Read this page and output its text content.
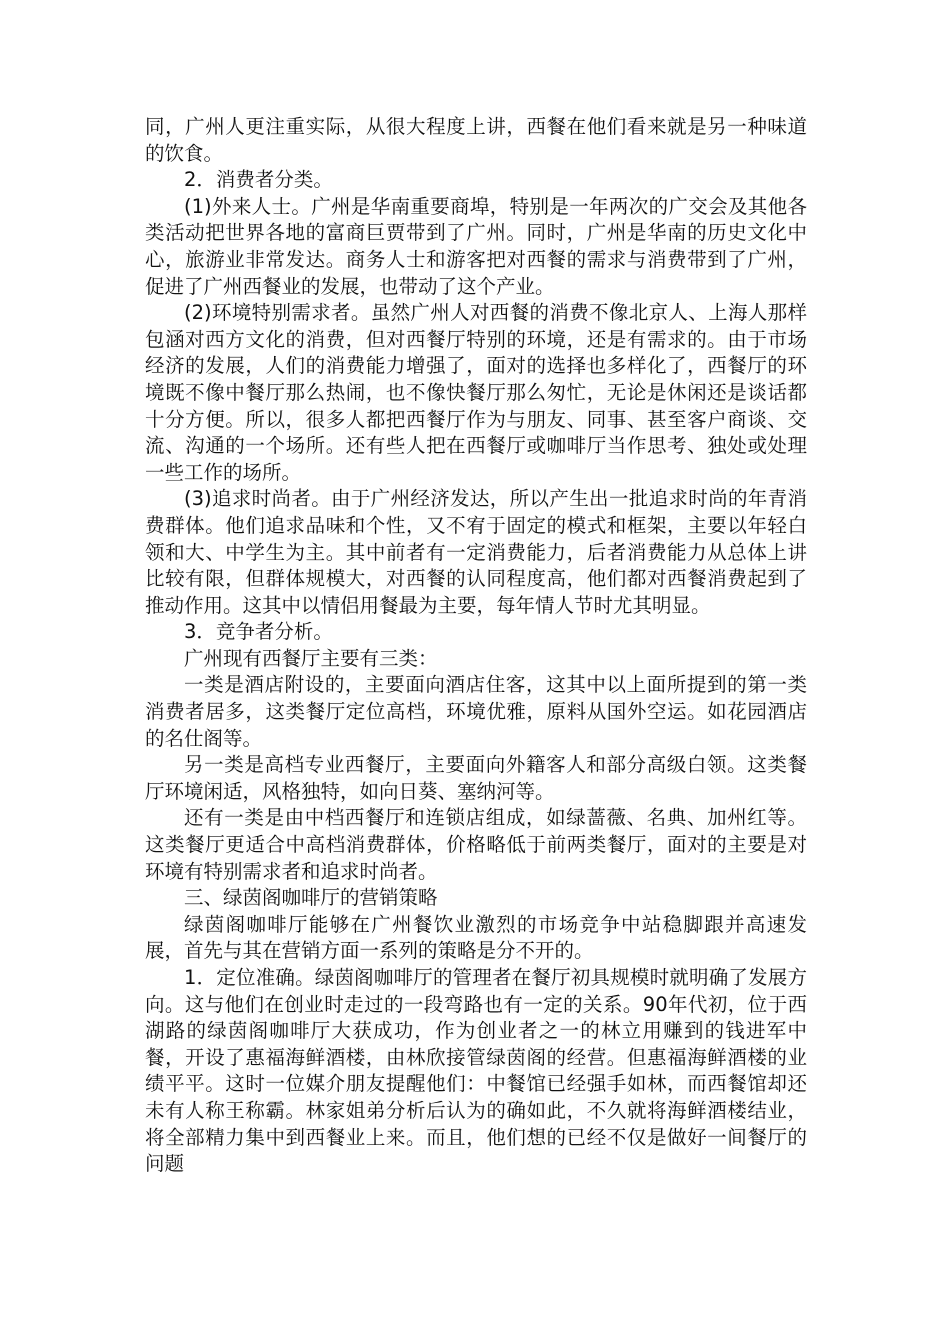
同，广州人更注重实际，从很大程度上讲，西餐在他们看来就是另一种味道的饮食。

2．消费者分类。

(1)外来人士。广州是华南重要商埠，特别是一年两次的广交会及其他各类活动把世界各地的富商巨贾带到了广州。同时，广州是华南的历史文化中心，旅游业非常发达。商务人士和游客把对西餐的需求与消费带到了广州，促进了广州西餐业的发展，也带动了这个产业。

(2)环境特别需求者。虽然广州人对西餐的消费不像北京人、上海人那样包涵对西方文化的消费，但对西餐厅特别的环境，还是有需求的。由于市场经济的发展，人们的消费能力增强了，面对的选择也多样化了，西餐厅的环境既不像中餐厅那么热闹，也不像快餐厅那么匆忙，无论是休闲还是谈话都十分方便。所以，很多人都把西餐厅作为与朋友、同事、甚至客户商谈、交流、沟通的一个场所。还有些人把在西餐厅或咖啡厅当作思考、独处或处理一些工作的场所。

(3)追求时尚者。由于广州经济发达，所以产生出一批追求时尚的年青消费群体。他们追求品味和个性，又不宥于固定的模式和框架，主要以年轻白领和大、中学生为主。其中前者有一定消费能力，后者消费能力从总体上讲比较有限，但群体规模大，对西餐的认同程度高，他们都对西餐消费起到了推动作用。这其中以情侣用餐最为主要，每年情人节时尤其明显。

3．竞争者分析。

广州现有西餐厅主要有三类：

一类是酒店附设的，主要面向酒店住客，这其中以上面所提到的第一类消费者居多，这类餐厅定位高档，环境优雅，原料从国外空运。如花园酒店的名仕阁等。

另一类是高档专业西餐厅，主要面向外籍客人和部分高级白领。这类餐厅环境闲适，风格独特，如向日葵、塞纳河等。

还有一类是由中档西餐厅和连锁店组成，如绿蔷薇、名典、加州红等。这类餐厅更适合中高档消费群体，价格略低于前两类餐厅，面对的主要是对环境有特别需求者和追求时尚者。

三、绿茵阁咖啡厅的营销策略

绿茵阁咖啡厅能够在广州餐饮业激烈的市场竞争中站稳脚跟并高速发展，首先与其在营销方面一系列的策略是分不开的。

1．定位准确。绿茵阁咖啡厅的管理者在餐厅初具规模时就明确了发展方向。这与他们在创业时走过的一段弯路也有一定的关系。90年代初，位于西湖路的绿茵阁咖啡厅大获成功，作为创业者之一的林立用赚到的钱进军中餐，开设了惠福海鲜酒楼，由林欣接管绿茵阁的经营。但惠福海鲜酒楼的业绩平平。这时一位媒介朋友提醒他们：中餐馆已经强手如林，而西餐馆却还未有人称王称霸。林家姐弟分析后认为的确如此，不久就将海鲜酒楼结业，将全部精力集中到西餐业上来。而且，他们想的已经不仅是做好一间餐厅的问题
